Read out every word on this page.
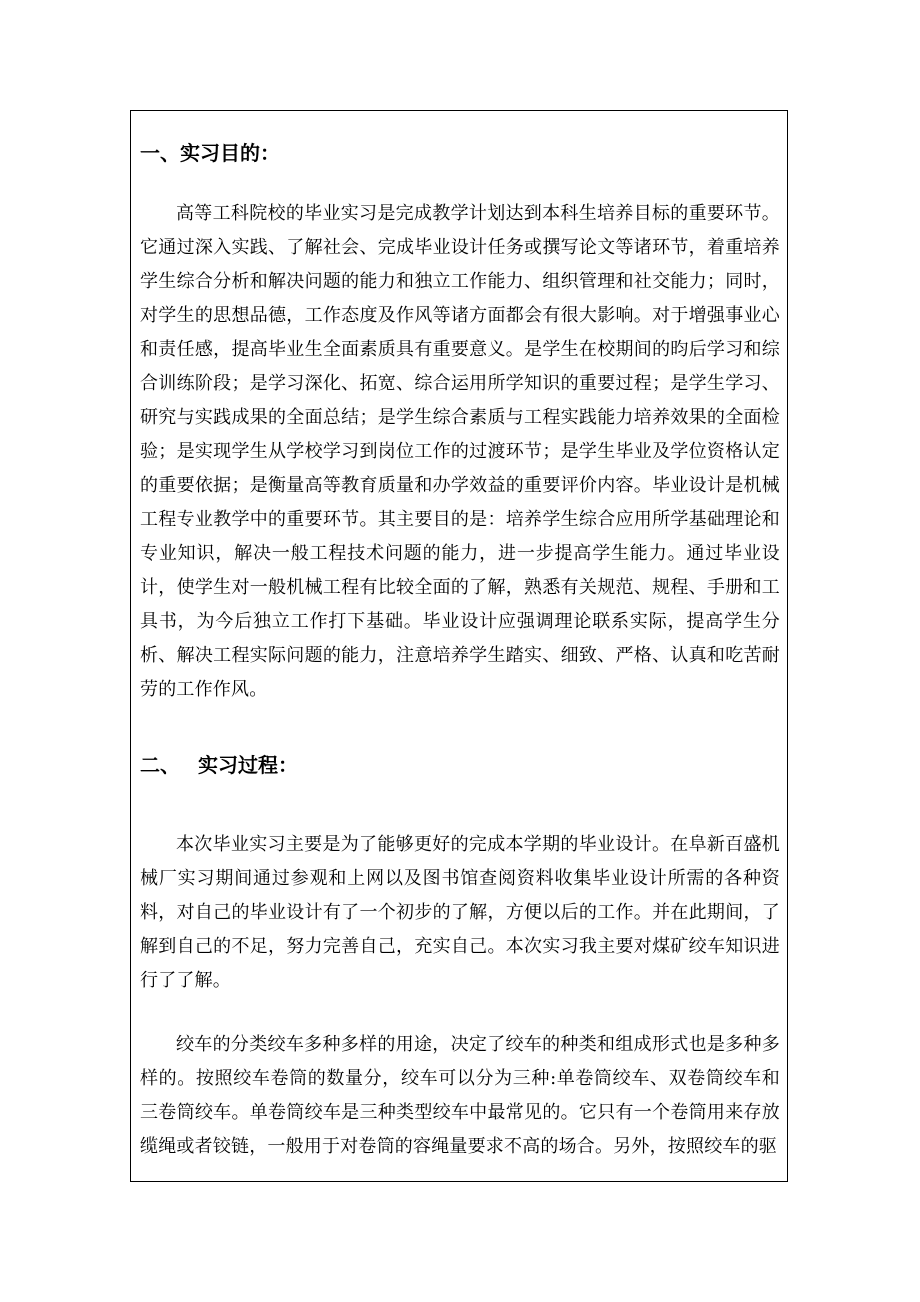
一、实习目的：

高等工科院校的毕业实习是完成教学计划达到本科生培养目标的重要环节。它通过深入实践、了解社会、完成毕业设计任务或撰写论文等诸环节，着重培养学生综合分析和解决问题的能力和独立工作能力、组织管理和社交能力；同时，对学生的思想品德，工作态度及作风等诸方面都会有很大影响。对于增强事业心和责任感，提高毕业生全面素质具有重要意义。是学生在校期间的昀后学习和综合训练阶段；是学习深化、拓宽、综合运用所学知识的重要过程；是学生学习、研究与实践成果的全面总结；是学生综合素质与工程实践能力培养效果的全面检验；是实现学生从学校学习到岗位工作的过渡环节；是学生毕业及学位资格认定的重要依据；是衡量高等教育质量和办学效益的重要评价内容。毕业设计是机械工程专业教学中的重要环节。其主要目的是：培养学生综合应用所学基础理论和专业知识，解决一般工程技术问题的能力，进一步提高学生能力。通过毕业设计，使学生对一般机械工程有比较全面的了解，熟悉有关规范、规程、手册和工具书，为今后独立工作打下基础。毕业设计应强调理论联系实际，提高学生分析、解决工程实际问题的能力，注意培养学生踏实、细致、严格、认真和吃苦耐劳的工作作风。

二、 实习过程：

本次毕业实习主要是为了能够更好的完成本学期的毕业设计。在阜新百盛机械厂实习期间通过参观和上网以及图书馆查阅资料收集毕业设计所需的各种资料，对自己的毕业设计有了一个初步的了解，方便以后的工作。并在此期间，了解到自己的不足，努力完善自己，充实自己。本次实习我主要对煤矿绞车知识进行了了解。

绞车的分类绞车多种多样的用途，决定了绞车的种类和组成形式也是多种多样的。按照绞车卷筒的数量分，绞车可以分为三种:单卷筒绞车、双卷筒绞车和三卷筒绞车。单卷筒绞车是三种类型绞车中最常见的。它只有一个卷筒用来存放缆绳或者铰链，一般用于对卷筒的容绳量要求不高的场合。另外，按照绞车的驱
